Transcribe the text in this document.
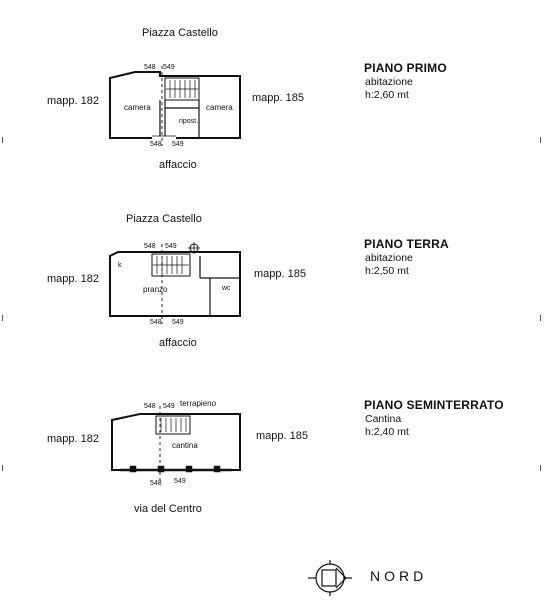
Piazza Castello
548 549
mapp. 182	mapp. 185
camera
ripost.
camera
548 549
affaccio
PIANO PRIMO
abitazione
h:2,60 mt
Piazza Castello
548 549
mapp. 182	mapp. 185
k
pranzo	wc
548 549
affaccio
PIANO TERRA
abitazione
h:2,50 mt
548 549 terrapieno
mapp. 182	mapp. 185
cantina
548 549
via del Centro
PIANO SEMINTERRATO
Cantina
h:2,40 mt
NORD
